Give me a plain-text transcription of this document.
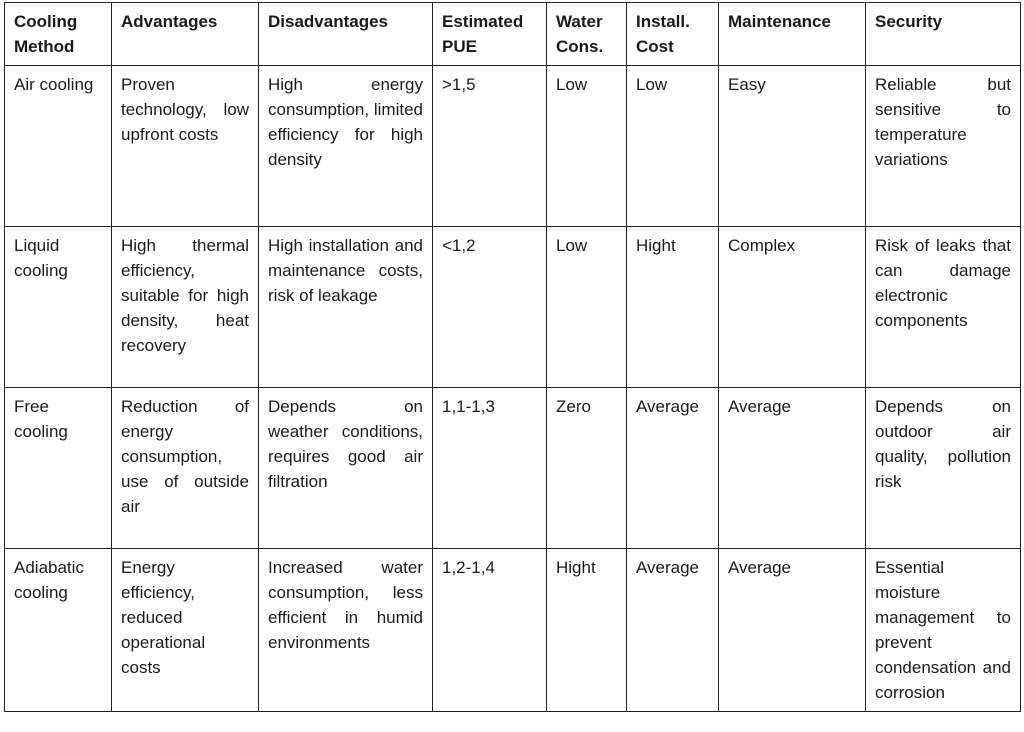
Cooling Method	Advantages	Disadvantages	Estimated PUE	Water Cons.	Install. Cost	Maintenance	Security
Air cooling	Proven technology, low upfront costs	High energy consumption, limited efficiency for high density	>1,5	Low	Low	Easy	Reliable but sensitive to temperature variations
Liquid cooling	High thermal efficiency, suitable for high density, heat recovery	High installation and maintenance costs, risk of leakage	<1,2	Low	Hight	Complex	Risk of leaks that can damage electronic components
Free cooling	Reduction of energy consumption, use of outside air	Depends on weather conditions, requires good air filtration	1,1-1,3	Zero	Average	Average	Depends on outdoor air quality, pollution risk
Adiabatic cooling	Energy efficiency, reduced operational costs	Increased water consumption, less efficient in humid environments	1,2-1,4	Hight	Average	Average	Essential moisture management to prevent condensation and corrosion
